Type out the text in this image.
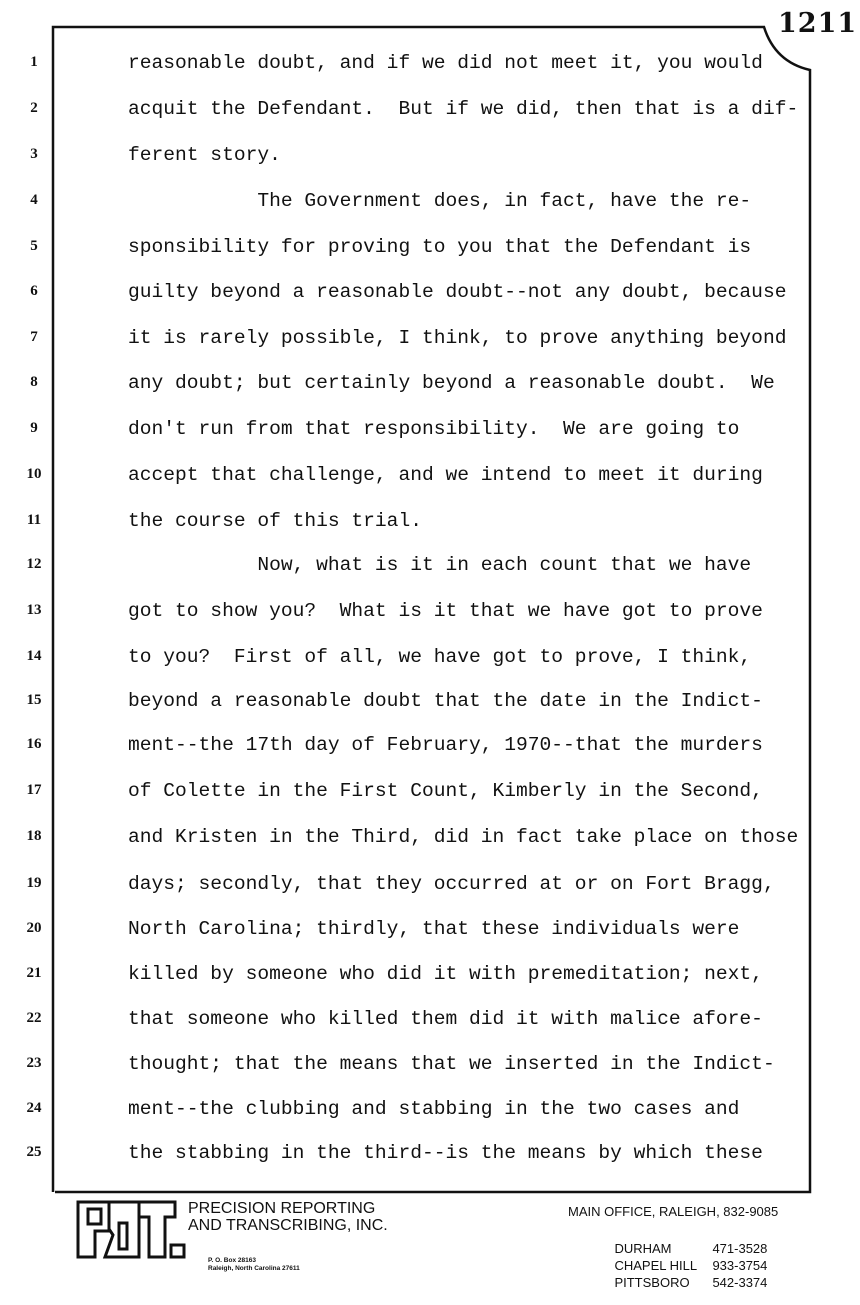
1211
1	reasonable doubt, and if we did not meet it, you would
2	acquit the Defendant.  But if we did, then that is a dif-
3	ferent story.
4	The Government does, in fact, have the re-
5	sponsibility for proving to you that the Defendant is
6	guilty beyond a reasonable doubt--not any doubt, because
7	it is rarely possible, I think, to prove anything beyond
8	any doubt; but certainly beyond a reasonable doubt.  We
9	don't run from that responsibility.  We are going to
10	accept that challenge, and we intend to meet it during
11	the course of this trial.
12	Now, what is it in each count that we have
13	got to show you?  What is it that we have got to prove
14	to you?  First of all, we have got to prove, I think,
15	beyond a reasonable doubt that the date in the Indict-
16	ment--the 17th day of February, 1970--that the murders
17	of Colette in the First Count, Kimberly in the Second,
18	and Kristen in the Third, did in fact take place on those
19	days; secondly, that they occurred at or on Fort Bragg,
20	North Carolina; thirdly, that these individuals were
21	killed by someone who did it with premeditation; next,
22	that someone who killed them did it with malice afore-
23	thought; that the means that we inserted in the Indict-
24	ment--the clubbing and stabbing in the two cases and
25	the stabbing in the third--is the means by which these
P&T.
PRECISION REPORTING
AND TRANSCRIBING, INC.
P. O. Box 28163
Raleigh, North Carolina 27611
MAIN OFFICE, RALEIGH, 832-9085

DURHAM	471-3528

CHAPEL HILL 933-3754

PITTSBORO 542-3374
